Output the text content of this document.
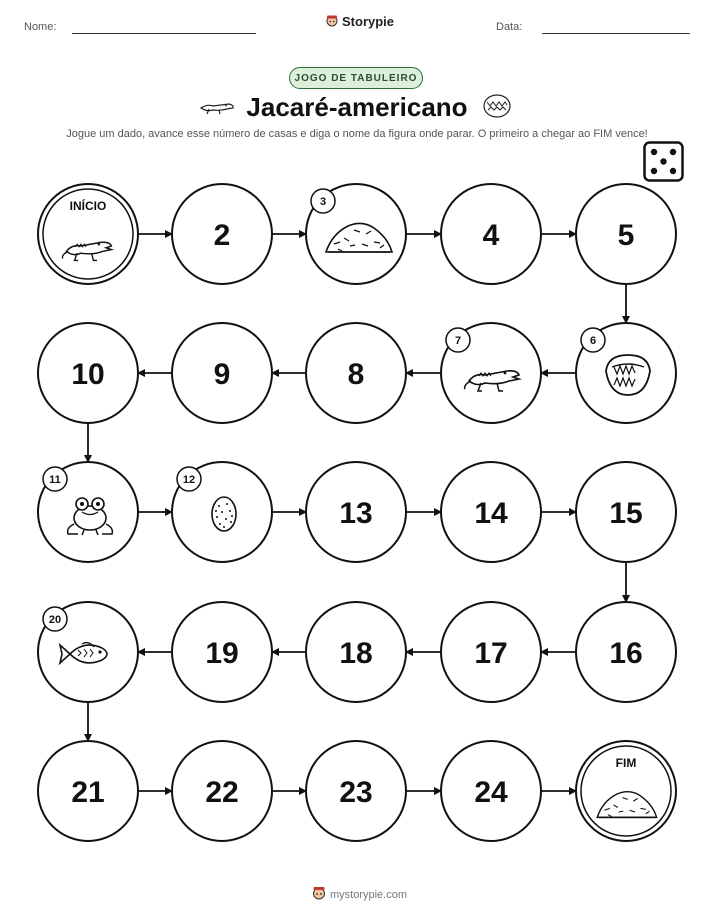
Nome:	Storypie	Data:
JOGO DE TABULEIRO
Jacaré-americano
Jogue um dado, avance esse número de casas e diga o nome da figura onde parar. O primeiro a chegar ao FIM vence!
INÍCIO
2
3
4	5
6
7
8
9
10
11	12
13	14	15
16
17
18
19
20
21	22	23	24
FIM
mystorypie.com
